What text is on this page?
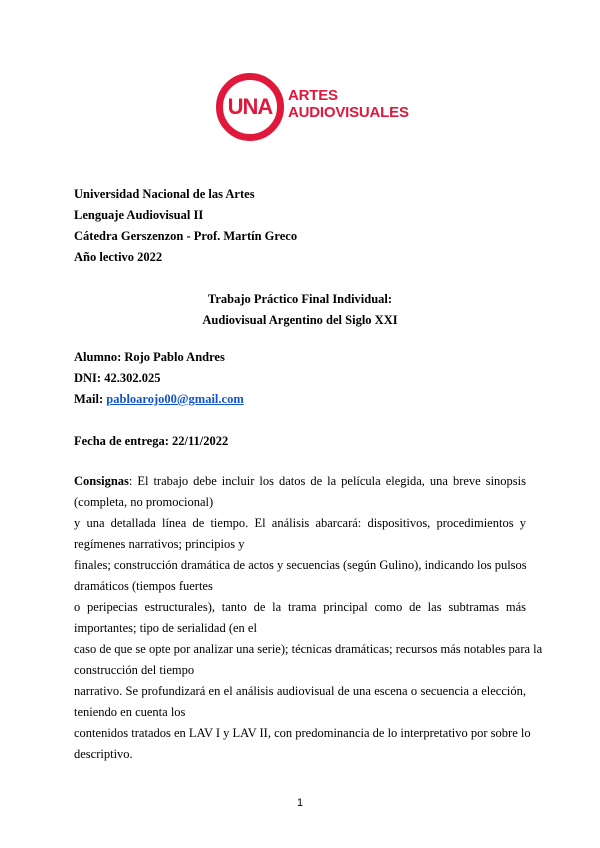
UNA ARTES
AUDIOVISUALES
Universidad Nacional de las Artes
Lenguaje Audiovisual II
Cátedra Gerszenzon - Prof. Martín Greco
Año lectivo 2022
Trabajo Práctico Final Individual:
Audiovisual Argentino del Siglo XXI
Alumno: Rojo Pablo Andres
DNI: 42.302.025
Mail: pabloarojo00@gmail.com
Fecha de entrega: 22/11/2022
Consignas: El trabajo debe incluir los datos de la película elegida, una breve sinopsis
(completa, no promocional)
y una detallada línea de tiempo. El análisis abarcará: dispositivos, procedimientos y
regímenes narrativos; principios y
finales; construcción dramática de actos y secuencias (según Gulino), indicando los pulsos
dramáticos (tiempos fuertes
o peripecias estructurales), tanto de la trama principal como de las subtramas más
importantes; tipo de serialidad (en el
caso de que se opte por analizar una serie); técnicas dramáticas; recursos más notables para la
construcción del tiempo
narrativo. Se profundizará en el análisis audiovisual de una escena o secuencia a elección,
teniendo en cuenta los
contenidos tratados en LAV I y LAV II, con predominancia de lo interpretativo por sobre lo
descriptivo.
1
